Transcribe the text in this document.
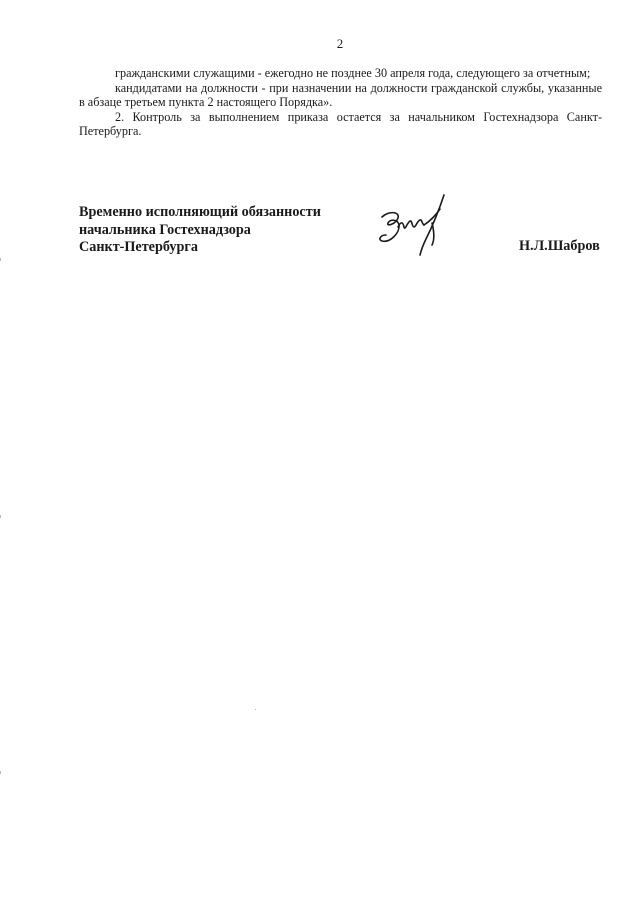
2

гражданскими служащими - ежегодно не позднее 30 апреля года, следующего за отчетным;

кандидатами на должности - при назначении на должности гражданской службы, указанные в абзаце третьем пункта 2 настоящего Порядка».

2. Контроль за выполнением приказа остается за начальником Гостехнадзора Санкт-Петербурга.

Временно исполняющий обязанности
начальника Гостехнадзора
Санкт-Петербурга	Н.Л.Шабров
